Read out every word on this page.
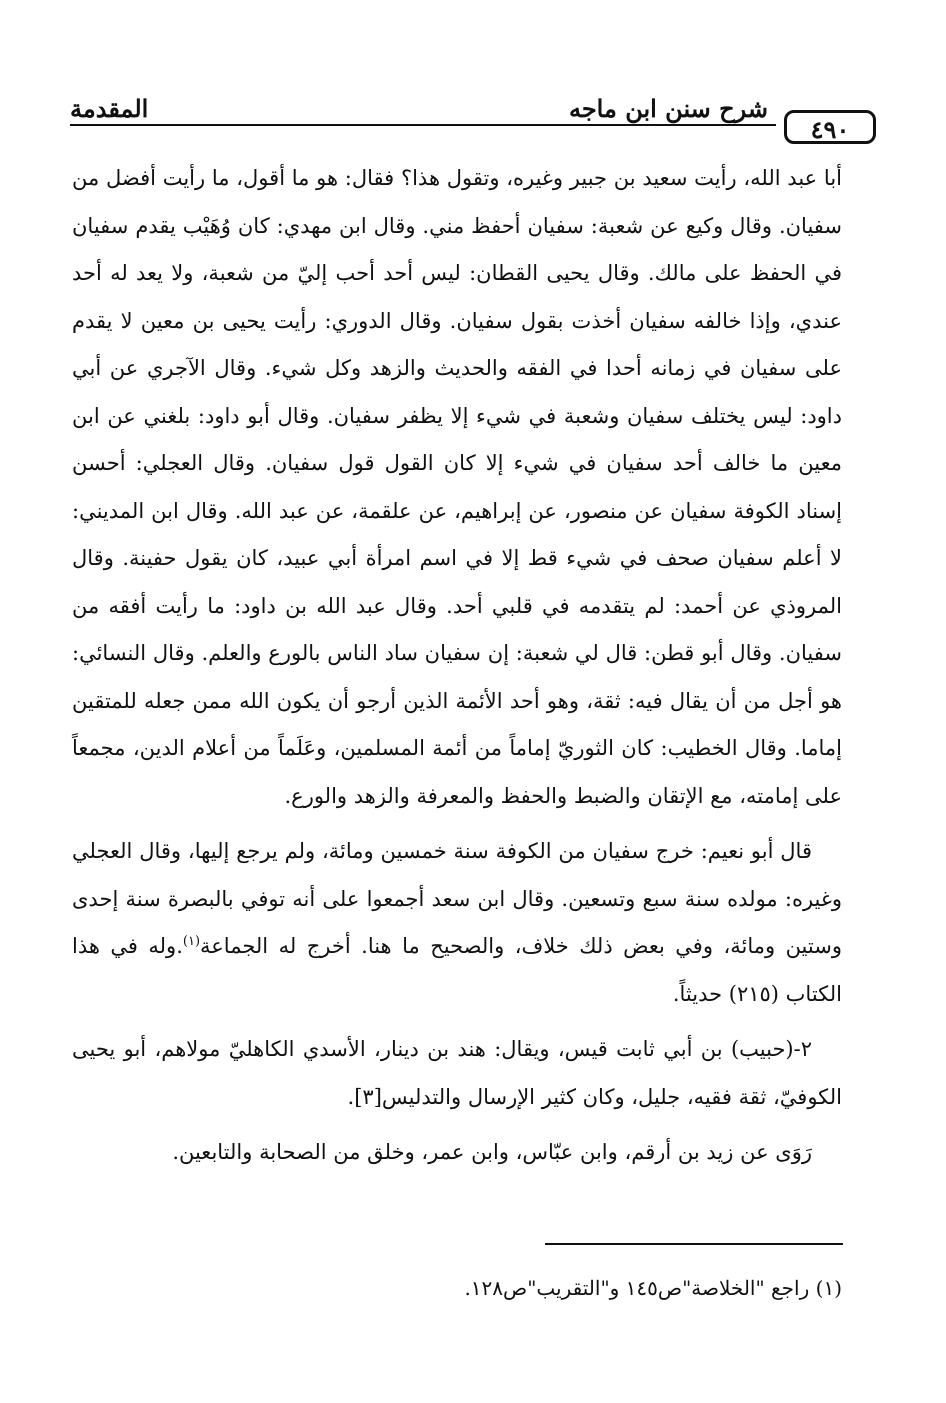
٤٩٠
شرح سنن ابن ماجه
المقدمة

أبا عبد الله، رأيت سعيد بن جبير وغيره، وتقول هذا؟ فقال: هو ما أقول، ما رأيت أفضل من سفيان. وقال وكيع عن شعبة: سفيان أحفظ مني. وقال ابن مهدي: كان وُهَيْب يقدم سفيان في الحفظ على مالك. وقال يحيى القطان: ليس أحد أحب إليّ من شعبة، ولا يعد له أحد عندي، وإذا خالفه سفيان أخذت بقول سفيان. وقال الدوري: رأيت يحيى بن معين لا يقدم على سفيان في زمانه أحدا في الفقه والحديث والزهد وكل شيء. وقال الآجري عن أبي داود: ليس يختلف سفيان وشعبة في شيء إلا يظفر سفيان. وقال أبو داود: بلغني عن ابن معين ما خالف أحد سفيان في شيء إلا كان القول قول سفيان. وقال العجلي: أحسن إسناد الكوفة سفيان عن منصور، عن إبراهيم، عن علقمة، عن عبد الله. وقال ابن المديني: لا أعلم سفيان صحف في شيء قط إلا في اسم امرأة أبي عبيد، كان يقول حفينة. وقال المروذي عن أحمد: لم يتقدمه في قلبي أحد. وقال عبد الله بن داود: ما رأيت أفقه من سفيان. وقال أبو قطن: قال لي شعبة: إن سفيان ساد الناس بالورع والعلم. وقال النسائي: هو أجل من أن يقال فيه: ثقة، وهو أحد الأئمة الذين أرجو أن يكون الله ممن جعله للمتقين إماما. وقال الخطيب: كان الثوريّ إماماً من أئمة المسلمين، وعَلَماً من أعلام الدين، مجمعاً على إمامته، مع الإتقان والضبط والحفظ والمعرفة والزهد والورع.

قال أبو نعيم: خرج سفيان من الكوفة سنة خمسين ومائة، ولم يرجع إليها، وقال العجلي وغيره: مولده سنة سبع وتسعين. وقال ابن سعد أجمعوا على أنه توفي بالبصرة سنة إحدى وستين ومائة، وفي بعض ذلك خلاف، والصحيح ما هنا. أخرج له الجماعة$^{(١)}$.وله في هذا الكتاب (٢١٥) حديثاً.

٢-(حبيب) بن أبي ثابت قيس، ويقال: هند بن دينار، الأسدي الكاهليّ مولاهم، أبو يحيى الكوفيّ، ثقة فقيه، جليل، وكان كثير الإرسال والتدليس[٣].

رَوَى عن زيد بن أرقم، وابن عبّاس، وابن عمر، وخلق من الصحابة والتابعين.

(١) راجع "الخلاصة"ص١٤٥ و"التقريب"ص١٢٨.
